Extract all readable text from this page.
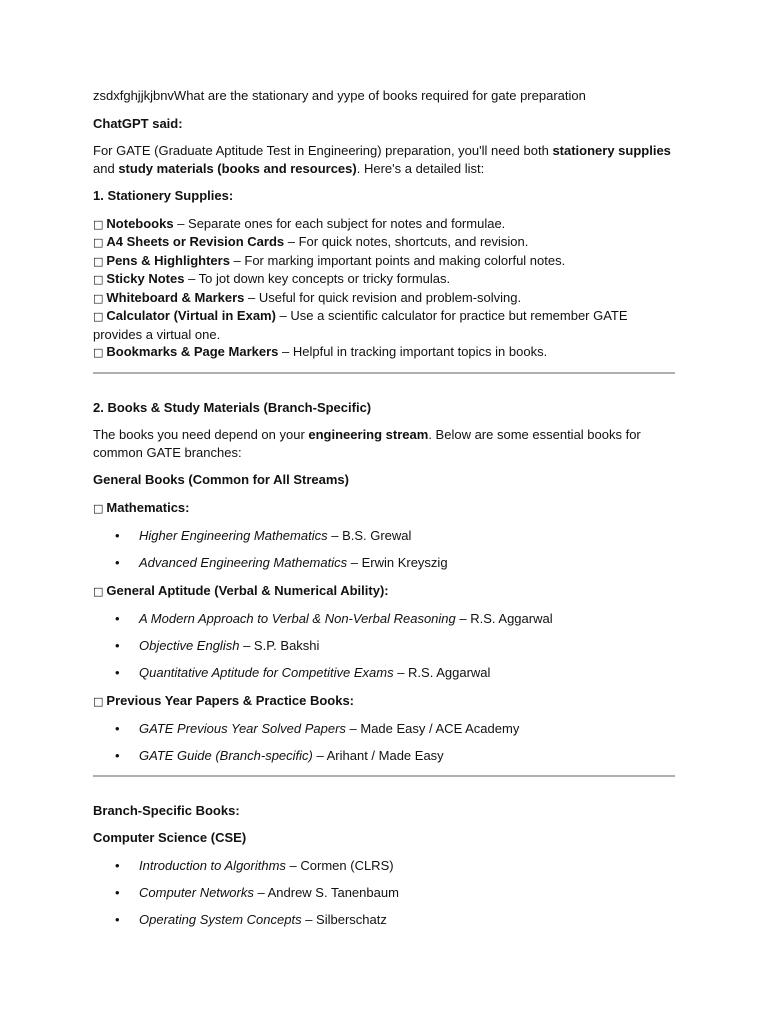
zsdxfghjjkjbnvWhat are the stationary and yype of books required for gate preparation

ChatGPT said:

For GATE (Graduate Aptitude Test in Engineering) preparation, you'll need both stationery supplies and study materials (books and resources). Here's a detailed list:

1. Stationery Supplies:

□ Notebooks – Separate ones for each subject for notes and formulae.
□ A4 Sheets or Revision Cards – For quick notes, shortcuts, and revision.
□ Pens & Highlighters – For marking important points and making colorful notes.
□ Sticky Notes – To jot down key concepts or tricky formulas.
□ Whiteboard & Markers – Useful for quick revision and problem-solving.
□ Calculator (Virtual in Exam) – Use a scientific calculator for practice but remember GATE provides a virtual one.
□ Bookmarks & Page Markers – Helpful in tracking important topics in books.

2. Books & Study Materials (Branch-Specific)

The books you need depend on your engineering stream. Below are some essential books for common GATE branches:

General Books (Common for All Streams)

□ Mathematics:

• Higher Engineering Mathematics – B.S. Grewal
• Advanced Engineering Mathematics – Erwin Kreyszig

□ General Aptitude (Verbal & Numerical Ability):

• A Modern Approach to Verbal & Non-Verbal Reasoning – R.S. Aggarwal
• Objective English – S.P. Bakshi
• Quantitative Aptitude for Competitive Exams – R.S. Aggarwal

□ Previous Year Papers & Practice Books:

• GATE Previous Year Solved Papers – Made Easy / ACE Academy
• GATE Guide (Branch-specific) – Arihant / Made Easy

Branch-Specific Books:

Computer Science (CSE)

• Introduction to Algorithms – Cormen (CLRS)
• Computer Networks – Andrew S. Tanenbaum
• Operating System Concepts – Silberschatz
